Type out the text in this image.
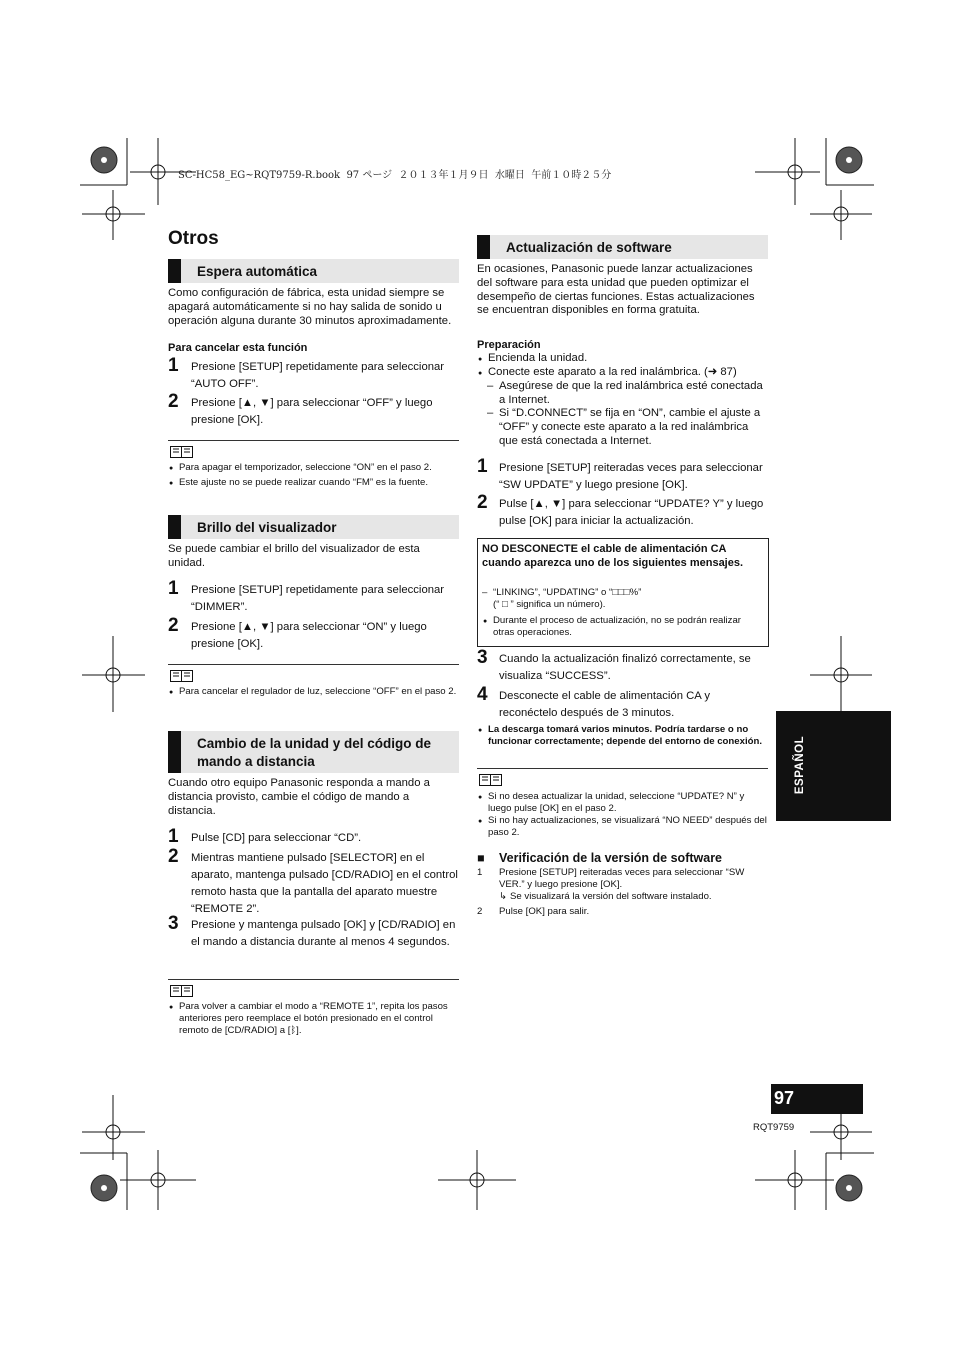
SC-HC58_EG~RQT9759-R.book  97 ページ  ２０１３年１月９日  水曜日  午前１０時２５分
Otros
Espera automática
Como configuración de fábrica, esta unidad siempre se apagará automáticamente si no hay salida de sonido u operación alguna durante 30 minutos aproximadamente.
Para cancelar esta función
1 Presione [SETUP] repetidamente para seleccionar “AUTO OFF”.
2 Presione [▲, ▼] para seleccionar “OFF” y luego presione [OK].
● Para apagar el temporizador, seleccione “ON” en el paso 2.
● Este ajuste no se puede realizar cuando “FM” es la fuente.
Brillo del visualizador
Se puede cambiar el brillo del visualizador de esta unidad.
1 Presione [SETUP] repetidamente para seleccionar “DIMMER”.
2 Presione [▲, ▼] para seleccionar “ON” y luego presione [OK].
● Para cancelar el regulador de luz, seleccione “OFF” en el paso 2.
Cambio de la unidad y del código de mando a distancia
Cuando otro equipo Panasonic responda a mando a distancia provisto, cambie el código de mando a distancia.
1 Pulse [CD] para seleccionar “CD”.
2 Mientras mantiene pulsado [SELECTOR] en el aparato, mantenga pulsado [CD/RADIO] en el control remoto hasta que la pantalla del aparato muestre “REMOTE 2”.
3 Presione y mantenga pulsado [OK] y [CD/RADIO] en el mando a distancia durante al menos 4 segundos.
● Para volver a cambiar el modo a “REMOTE 1”, repita los pasos anteriores pero reemplace el botón presionado en el control remoto de [CD/RADIO] a [ᛒ].
Actualización de software
En ocasiones, Panasonic puede lanzar actualizaciones del software para esta unidad que pueden optimizar el desempeño de ciertas funciones. Estas actualizaciones se encuentran disponibles en forma gratuita.
Preparación
● Encienda la unidad.
● Conecte este aparato a la red inalámbrica. (➜ 87)
– Asegúrese de que la red inalámbrica esté conectada a Internet.
– Si “D.CONNECT” se fija en “ON”, cambie el ajuste a “OFF” y conecte este aparato a la red inalámbrica que está conectada a Internet.
1 Presione [SETUP] reiteradas veces para seleccionar “SW UPDATE” y luego presione [OK].
2 Pulse [▲, ▼] para seleccionar “UPDATE? Y” y luego pulse [OK] para iniciar la actualización.
NO DESCONECTE el cable de alimentación CA cuando aparezca uno de los siguientes mensajes.
– “LINKING”, “UPDATING” o “□□□%”
(“ □ ” significa un número).
● Durante el proceso de actualización, no se podrán realizar otras operaciones.
3 Cuando la actualización finalizó correctamente, se visualiza “SUCCESS”.
4 Desconecte el cable de alimentación CA y reconéctelo después de 3 minutos.
● La descarga tomará varios minutos. Podría tardarse o no funcionar correctamente; depende del entorno de conexión.
● Si no desea actualizar la unidad, seleccione “UPDATE? N” y luego pulse [OK] en el paso 2.
● Si no hay actualizaciones, se visualizará “NO NEED” después del paso 2.
■ Verificación de la versión de software
1 Presione [SETUP] reiteradas veces para seleccionar “SW VER.” y luego presione [OK].
↳ Se visualizará la versión del software instalado.
2 Pulse [OK] para salir.
ESPAÑOL
97
RQT9759
